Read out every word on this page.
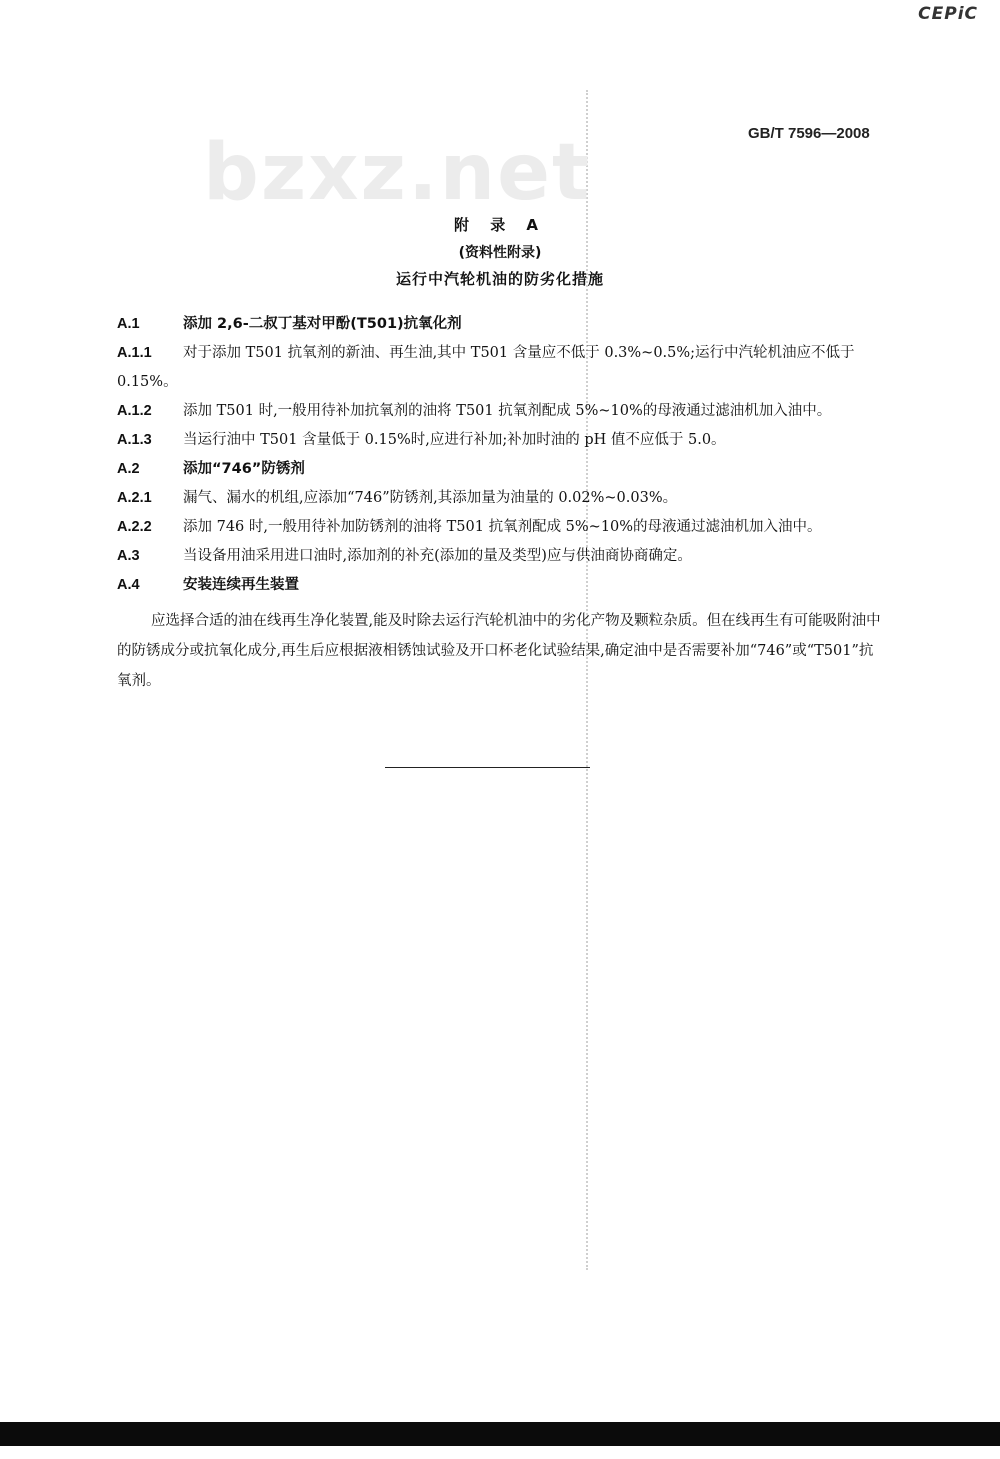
CEPiC
bzxz.net	GB/T 7596—2008
附 录 A
(资料性附录)
运行中汽轮机油的防劣化措施

A.1	添加 2,6-二叔丁基对甲酚(T501)抗氧化剂

A.1.1 对于添加 T501 抗氧剂的新油、再生油,其中 T501 含量应不低于 0.3%~0.5%;运行中汽轮机油应不低于 0.15%。

A.1.2 添加 T501 时,一般用待补加抗氧剂的油将 T501 抗氧剂配成 5%~10%的母液通过滤油机加入油中。

A.1.3 当运行油中 T501 含量低于 0.15%时,应进行补加;补加时油的 pH 值不应低于 5.0。

A.2	添加“746”防锈剂

A.2.1 漏气、漏水的机组,应添加“746”防锈剂,其添加量为油量的 0.02%~0.03%。

A.2.2 添加 746 时,一般用待补加防锈剂的油将 T501 抗氧剂配成 5%~10%的母液通过滤油机加入油中。

A.3	当设备用油采用进口油时,添加剂的补充(添加的量及类型)应与供油商协商确定。

A.4	安装连续再生装置

应选择合适的油在线再生净化装置,能及时除去运行汽轮机油中的劣化产物及颗粒杂质。但在线再生有可能吸附油中的防锈成分或抗氧化成分,再生后应根据液相锈蚀试验及开口杯老化试验结果,确定油中是否需要补加“746”或“T501”抗氧剂。
